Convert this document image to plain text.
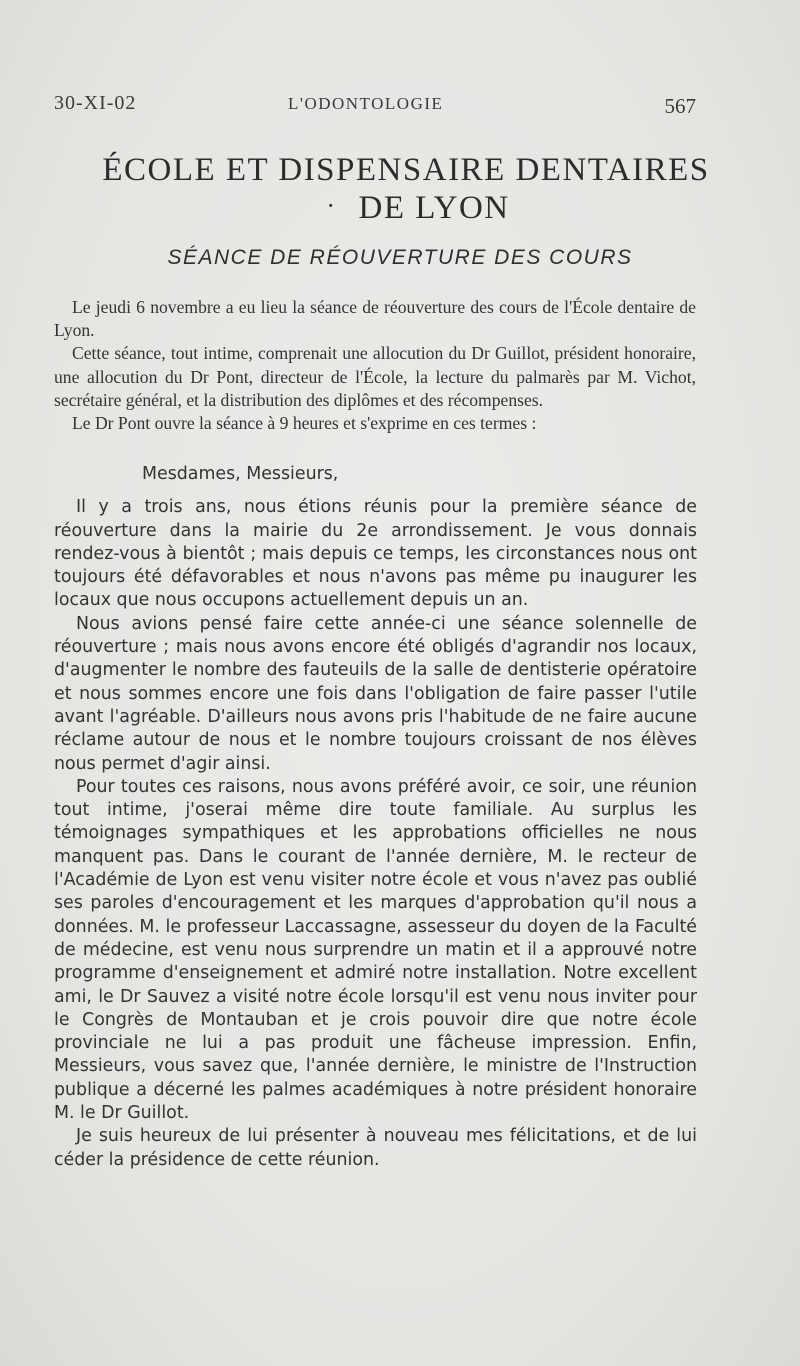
30-XI-02	L'ODONTOLOGIE	567
ÉCOLE ET DISPENSAIRE DENTAIRES
· DE LYON
SÉANCE DE RÉOUVERTURE DES COURS

Le jeudi 6 novembre a eu lieu la séance de réouverture des cours de l'École dentaire de Lyon.

Cette séance, tout intime, comprenait une allocution du Dr Guillot, président honoraire, une allocution du Dr Pont, directeur de l'École, la lecture du palmarès par M. Vichot, secrétaire général, et la distribution des diplômes et des récompenses.

Le Dr Pont ouvre la séance à 9 heures et s'exprime en ces termes :

Mesdames, Messieurs,

Il y a trois ans, nous étions réunis pour la première séance de réouverture dans la mairie du 2e arrondissement. Je vous donnais rendez-vous à bientôt ; mais depuis ce temps, les circonstances nous ont toujours été défavorables et nous n'avons pas même pu inaugurer les locaux que nous occupons actuellement depuis un an.

Nous avions pensé faire cette année-ci une séance solennelle de réouverture ; mais nous avons encore été obligés d'agrandir nos locaux, d'augmenter le nombre des fauteuils de la salle de dentisterie opératoire et nous sommes encore une fois dans l'obligation de faire passer l'utile avant l'agréable. D'ailleurs nous avons pris l'habitude de ne faire aucune réclame autour de nous et le nombre toujours croissant de nos élèves nous permet d'agir ainsi.

Pour toutes ces raisons, nous avons préféré avoir, ce soir, une réunion tout intime, j'oserai même dire toute familiale. Au surplus les témoignages sympathiques et les approbations officielles ne nous manquent pas. Dans le courant de l'année dernière, M. le recteur de l'Académie de Lyon est venu visiter notre école et vous n'avez pas oublié ses paroles d'encouragement et les marques d'approbation qu'il nous a données. M. le professeur Laccassagne, assesseur du doyen de la Faculté de médecine, est venu nous surprendre un matin et il a approuvé notre programme d'enseignement et admiré notre installation. Notre excellent ami, le Dr Sauvez a visité notre école lorsqu'il est venu nous inviter pour le Congrès de Montauban et je crois pouvoir dire que notre école provinciale ne lui a pas produit une fâcheuse impression. Enfin, Messieurs, vous savez que, l'année dernière, le ministre de l'Instruction publique a décerné les palmes académiques à notre président honoraire M. le Dr Guillot.

Je suis heureux de lui présenter à nouveau mes félicitations, et de lui céder la présidence de cette réunion.
